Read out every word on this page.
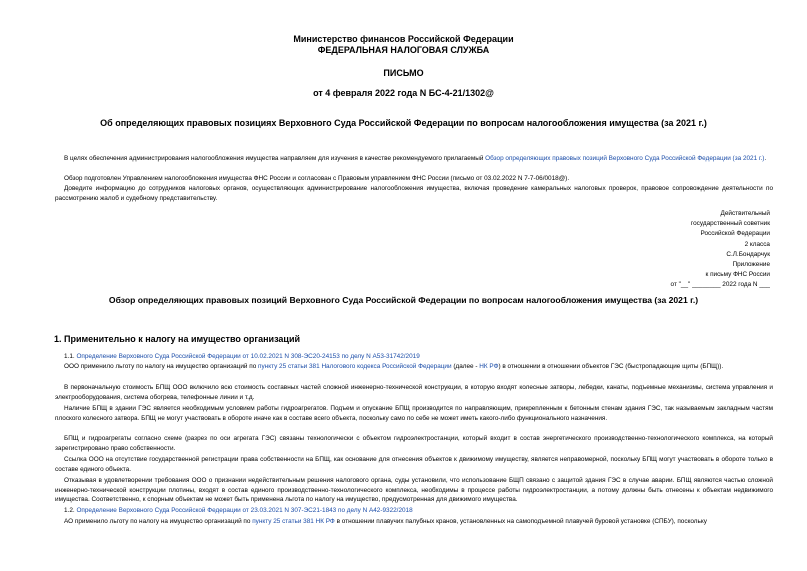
Министерство финансов Российской Федерации
ФЕДЕРАЛЬНАЯ НАЛОГОВАЯ СЛУЖБА
ПИСЬМО
от 4 февраля 2022 года N БС-4-21/1302@
Об определяющих правовых позициях Верховного Суда Российской Федерации по вопросам налогообложения имущества (за 2021 г.)
В целях обеспечения администрирования налогообложения имущества направляем для изучения в качестве рекомендуемого прилагаемый Обзор определяющих правовых позиций Верховного Суда Российской Федерации (за 2021 г.).
Обзор подготовлен Управлением налогообложения имущества ФНС России и согласован с Правовым управлением ФНС России (письмо от 03.02.2022 N 7-7-06/0018@).
Доведите информацию до сотрудников налоговых органов, осуществляющих администрирование налогообложения имущества, включая проведение камеральных налоговых проверок, правовое сопровождение деятельности по рассмотрению жалоб и судебному представительству.
Действительный
государственный советник
Российской Федерации
2 класса
С.Л.Бондарчук
Приложение
к письму ФНС России
от "__" ________ 2022 года N ___
Обзор определяющих правовых позиций Верховного Суда Российской Федерации по вопросам налогообложения имущества (за 2021 г.)
1. Применительно к налогу на имущество организаций
1.1. Определение Верховного Суда Российской Федерации от 10.02.2021 N 308-ЭС20-24153 по делу N А53-31742/2019
ООО применило льготу по налогу на имущество организаций по пункту 25 статьи 381 Налогового кодекса Российской Федерации (далее - НК РФ) в отношении в отношении объектов ГЭС (быстропадающие щиты (БПЩ)).
В первоначальную стоимость БПЩ ООО включило всю стоимость составных частей сложной инженерно-технической конструкции, в которую входят колесные затворы, лебедки, канаты, подъемные механизмы, система управления и электрооборудования, система обогрева, телефонные линии и т.д.
Наличие БПЩ в здании ГЭС является необходимым условием работы гидроагрегатов. Подъем и опускание БПЩ производится по направляющим, прикрепленным к бетонным стенам здания ГЭС, так называемым закладным частям плоского колесного затвора. БПЩ не могут участвовать в обороте иначе как в составе всего объекта, поскольку само по себе не может иметь какого-либо функционального назначения.
БПЩ и гидроагрегаты согласно схеме (разрез по оси агрегата ГЭС) связаны технологически с объектом гидроэлектростанции, который входит в состав энергетического производственно-технологического комплекса, на который зарегистрировано право собственности.
Ссылка ООО на отсутствие государственной регистрации права собственности на БПЩ, как основание для отнесения объектов к движимому имуществу, является неправомерной, поскольку БПЩ могут участвовать в обороте только в составе единого объекта.
Отказывая в удовлетворении требования ООО о признании недействительным решения налогового органа, суды установили, что использование БЩП связано с защитой здания ГЭС в случае аварии. БПЩ являются частью сложной инженерно-технической конструкции плотины, входят в состав единого производственно-технологического комплекса, необходимы в процессе работы гидроэлектростанции, а потому должны быть отнесены к объектам недвижимого имущества. Соответственно, к спорным объектам не может быть применена льгота по налогу на имущество, предусмотренная для движимого имущества.
1.2. Определение Верховного Суда Российской Федерации от 23.03.2021 N 307-ЭС21-1843 по делу N А42-9322/2018
АО применило льготу по налогу на имущество организаций по пункту 25 статьи 381 НК РФ в отношении плавучих палубных кранов, установленных на самоподъемной плавучей буровой установке (СПБУ), поскольку
